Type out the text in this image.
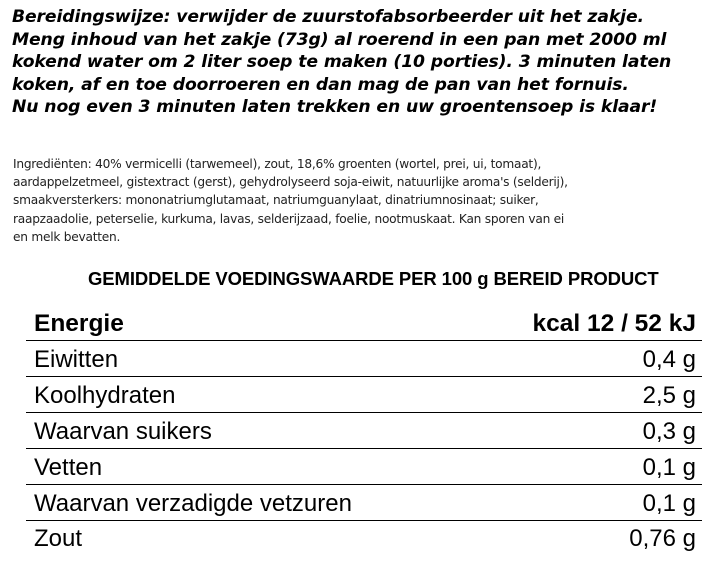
Bereidingswijze: verwijder de zuurstofabsorbeerder uit het zakje.
Meng inhoud van het zakje (73g) al roerend in een pan met 2000 ml
kokend water om 2 liter soep te maken (10 porties). 3 minuten laten
koken, af en toe doorroeren en dan mag de pan van het fornuis.
Nu nog even 3 minuten laten trekken en uw groentensoep is klaar!
Ingrediënten: 40% vermicelli (tarwemeel), zout, 18,6% groenten (wortel, prei, ui, tomaat),
aardappelzetmeel, gistextract (gerst), gehydrolyseerd soja-eiwit, natuurlijke aroma's (selderij),
smaakversterkers: mononatriumglutamaat, natriumguanylaat, dinatriumnosinaat; suiker,
raapzaadolie, peterselie, kurkuma, lavas, selderijzaad, foelie, nootmuskaat. Kan sporen van ei
en melk bevatten.
GEMIDDELDE VOEDINGSWAARDE PER 100 g BEREID PRODUCT
Energie	kcal 12 / 52 kJ
Eiwitten	0,4 g
Koolhydraten	2,5 g
Waarvan suikers	0,3 g
Vetten	0,1 g
Waarvan verzadigde vetzuren	0,1 g
Zout	0,76 g
